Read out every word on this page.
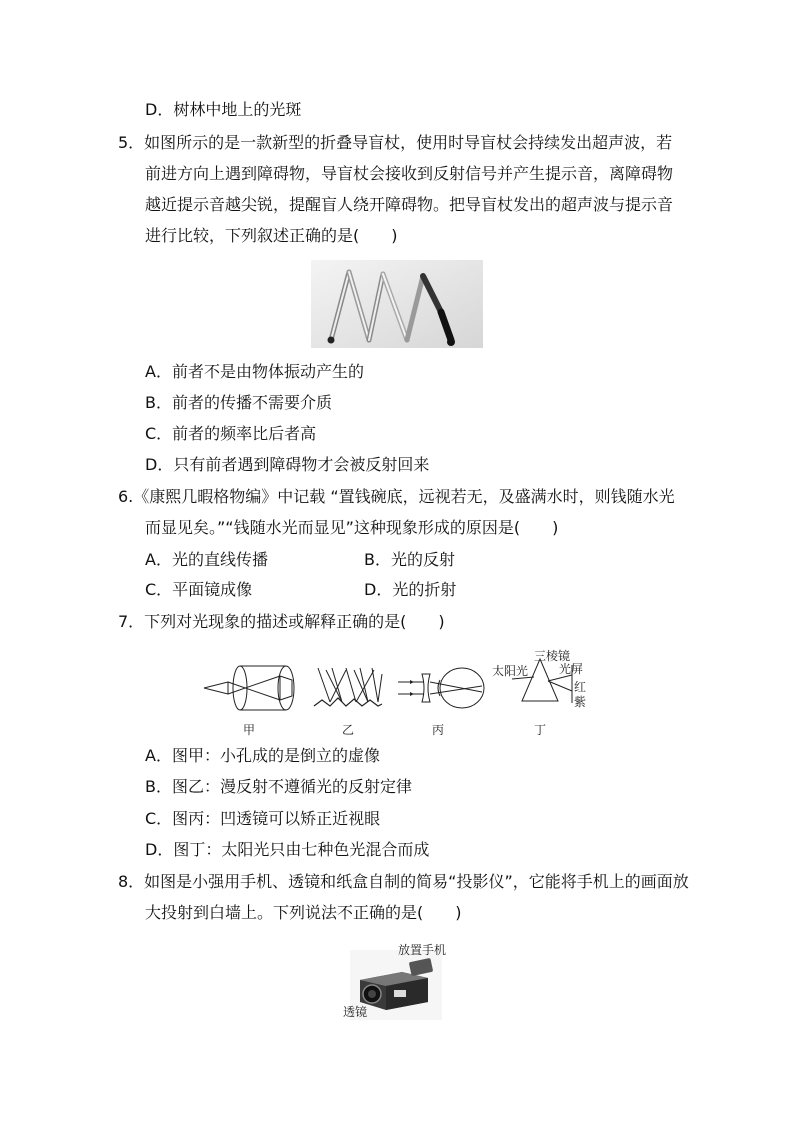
D．树林中地上的光斑
5．如图所示的是一款新型的折叠导盲杖，使用时导盲杖会持续发出超声波，若
前进方向上遇到障碍物，导盲杖会接收到反射信号并产生提示音，离障碍物
越近提示音越尖锐，提醒盲人绕开障碍物。把导盲杖发出的超声波与提示音
进行比较，下列叙述正确的是(　　)
A．前者不是由物体振动产生的
B．前者的传播不需要介质
C．前者的频率比后者高
D．只有前者遇到障碍物才会被反射回来
6.《康熙几暇格物编》中记载 “置钱碗底，远视若无，及盛满水时，则钱随水光
而显见矣。”“钱随水光而显见”这种现象形成的原因是(　　)
A．光的直线传播	B．光的反射
C．平面镜成像	D．光的折射
7．下列对光现象的描述或解释正确的是(　　)
甲	乙	丙
三棱镜
太阳光	光屏
红
紫
丁
A．图甲：小孔成的是倒立的虚像
B．图乙：漫反射不遵循光的反射定律
C．图丙：凹透镜可以矫正近视眼
D．图丁：太阳光只由七种色光混合而成
8．如图是小强用手机、透镜和纸盒自制的简易“投影仪”，它能将手机上的画面放
大投射到白墙上。下列说法不正确的是(　　)
放置手机
透镜
